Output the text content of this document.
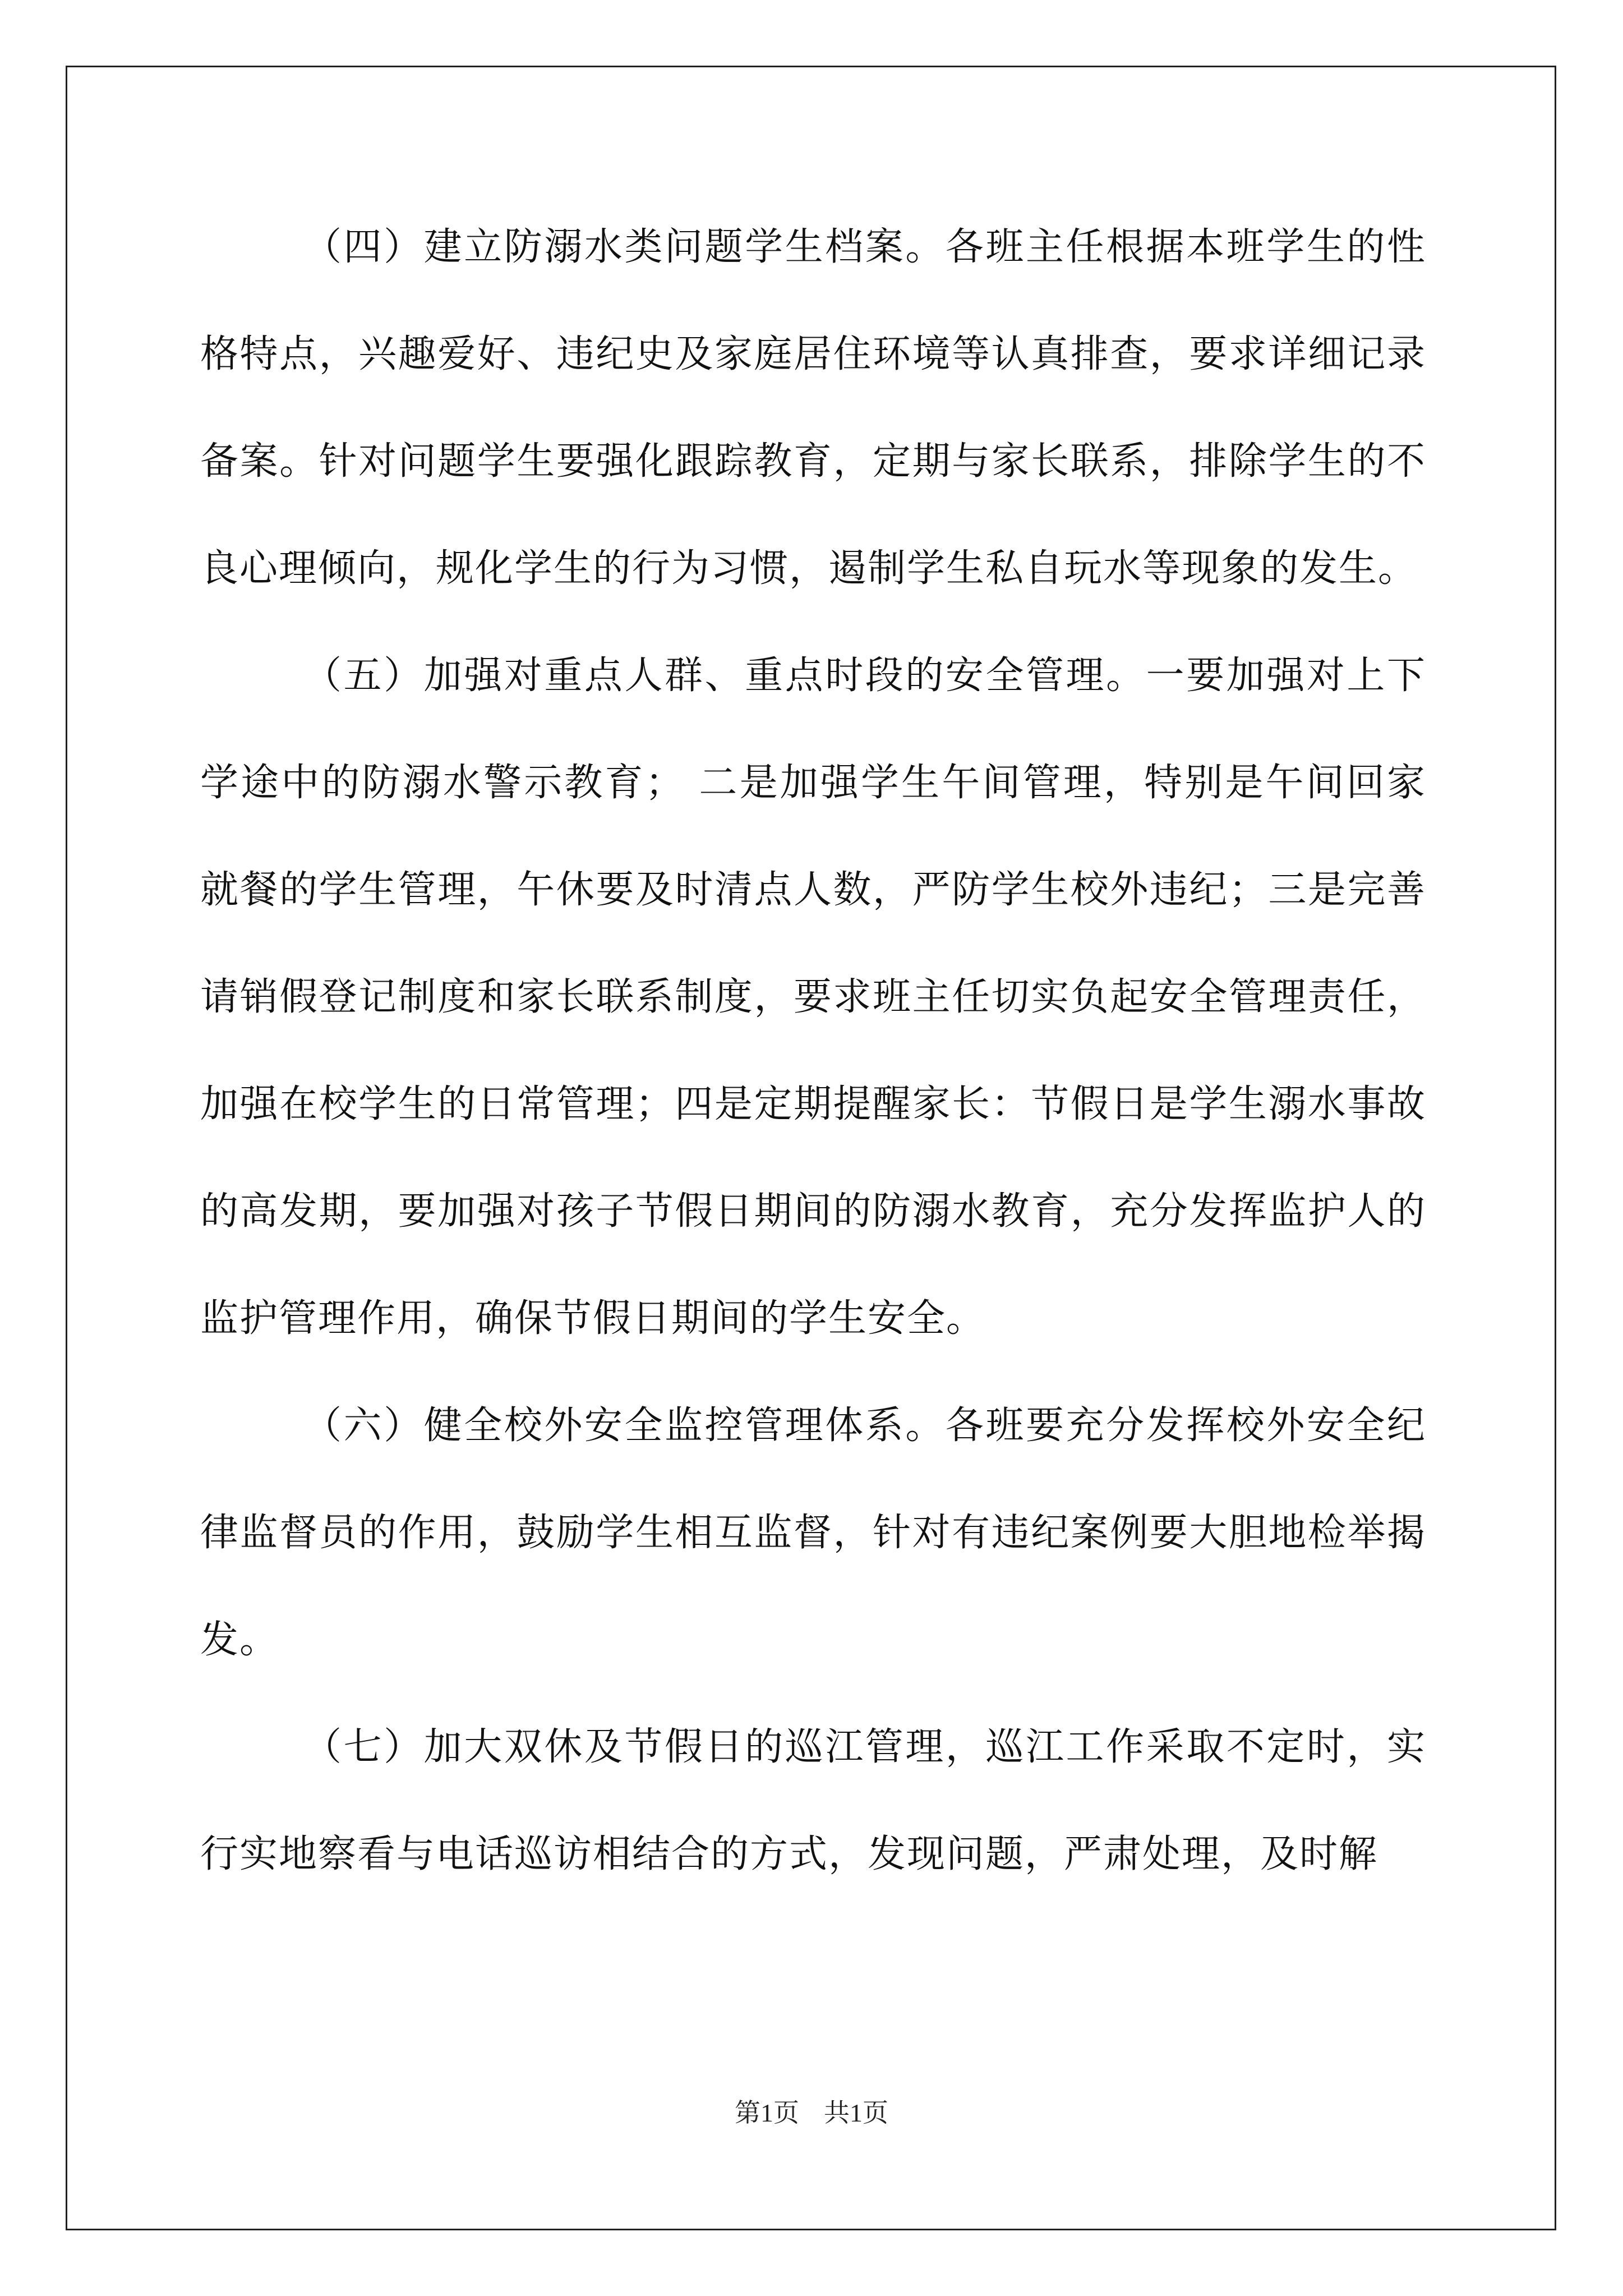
（四）建立防溺水类问题学生档案。各班主任根据本班学生的性格特点，兴趣爱好、违纪史及家庭居住环境等认真排查，要求详细记录备案。针对问题学生要强化跟踪教育，定期与家长联系，排除学生的不良心理倾向，规化学生的行为习惯，遏制学生私自玩水等现象的发生。

（五）加强对重点人群、重点时段的安全管理。一要加强对上下学途中的防溺水警示教育； 二是加强学生午间管理，特别是午间回家就餐的学生管理，午休要及时清点人数，严防学生校外违纪；三是完善请销假登记制度和家长联系制度，要求班主任切实负起安全管理责任，加强在校学生的日常管理；四是定期提醒家长：节假日是学生溺水事故的高发期，要加强对孩子节假日期间的防溺水教育，充分发挥监护人的监护管理作用，确保节假日期间的学生安全。

（六）健全校外安全监控管理体系。各班要充分发挥校外安全纪律监督员的作用，鼓励学生相互监督，针对有违纪案例要大胆地检举揭发。

（七）加大双休及节假日的巡江管理，巡江工作采取不定时，实行实地察看与电话巡访相结合的方式，发现问题，严肃处理，及时解

第1页 共1页
